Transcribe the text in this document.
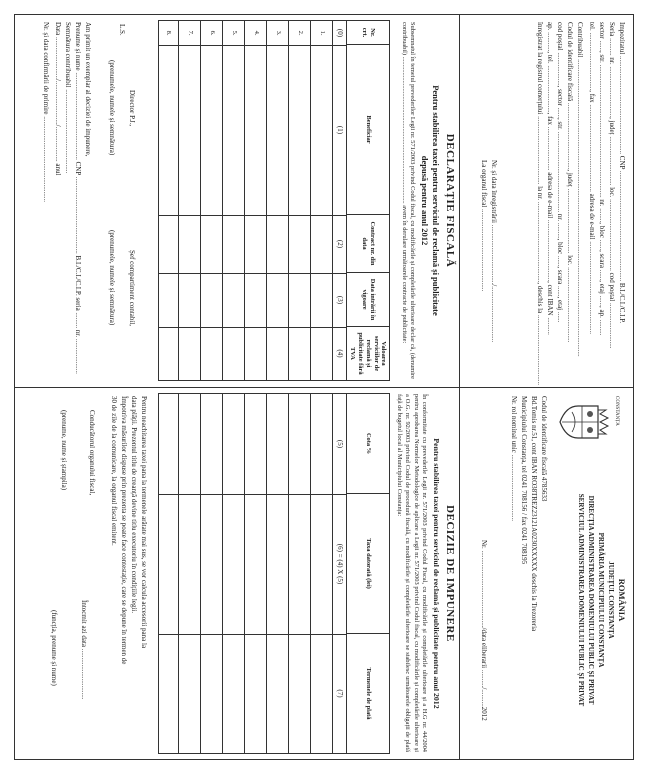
Impozitatul ........................................................ CNP ............................................................... B.I./C.I./C.I.P.
Seria .......... nr. ............................., județ ............................ loc. ......................................... cod poștal ..........................
sector ......, str. ............................................................................ nr. ........, bloc ......, scara ......, etaj ......, ap. .........
tel. ................................., fax .................................................. adresa de e-mail .....................................................
Contribuabil ..........................................................................................................................................................................
Codul de identificare fiscală ......................................, județ ..................................... loc. ...........................................
cod poștal ..................., sector ......, str. .............................................. nr. ........., bloc ......, scara ......, etaj ......
ap. ..........., tel. ..........................., fax ......................... adresa de e-mail ..................................., cont IBAN ..........
înregistrat la registrul comerțului ....................................... la nr. .............................................., deschis la ........................................
Nr. și data înregistrării ................................../................................
La organul fiscal ...............................................
DECLARAȚIE FISCALĂ
Pentru stabilirea taxei pentru serviciul de reclamă și publicitate
depusă pentru anul 2012
Subsemnatul în temeiul prevederilor Legii nr. 571/2003 privind Codul fiscal, cu modificările și completările ulterioare declar că, (denumire contribuabil) ............................................................................................ avem în derulare următoarele contracte de publicitate:
Nr. crt.
Beneficiar
Contract nr. din data
Data intrării în vigoare
Valoarea serviciilor de reclamă și publicitate fără TVA
(0)
(1)
(2)
(3)
(4)
1.
2.
3.
4.
5.
6.
7.
8.
Director P.J.,
(prenumele, numele și semnătura)
L.S.
Șef compartiment contabil,
(prenumele, numele și semnătura)
Am primit un exemplar al deciziei de impunere,
Prenume și nume .................................................. CNP ............................................ B.I./C.I./C.I.P. seria ......... nr. ....................
Semnătura contribuabil ................................................
Data ......................../........................./.................... anul
Nr. și data confirmării de primire .................................................
CONSTANȚA
ROMÂNIA
JUDEȚUL CONSTANȚA
PRIMĂRIA MUNICIPIULUI CONSTANȚA
DIRECȚIA ADMINISTRAREA DOMENIULUI PUBLIC ȘI PRIVAT
SERVICIUL ADMINISTRAREA DOMENIULUI PUBLIC ȘI PRIVAT
Codul de identificare fiscală 4785633
Bd.Tomis nr.51, cont IBAN RO38TREZ23121A0230XXXXX deschis la Trezoreria
Municipiului Constanța, tel 0241 708156 / fax 0241 708195
Nr. rol nominal unic ......................................
Nr. ............................................/data eliberarii ........../..........2012
DECIZIE DE IMPUNERE
Pentru stabilirea taxei pentru serviciul de reclamă și publicitate pentru anul 2012
În conformitate cu prevederile Legii nr. 571/2003 privind Codul Fiscal, cu modificările și completările ulterioare și a H.G nr. 44/2004 pentru aprobarea Normelor Metodologice de aplicare a Legii nr. 571/2003 privind Codul fiscal, cu modificările și completările ulterioare și a O.G. nr. 92/2003 privind Codul de procedură fiscală, cu modificările și completările ulterioare se stabilesc următoarele obligații de plată față de bugetul local al Municipiului Constanța:
Cota %
Taxa datorată (lei)
Termenele de plată
(5)
(6) = (4) X (5)
(7)
Pentru neachitarea taxei pana la termenele arătate mai sus, se vor calcula accesorii pana la
data plății. Prezentul titlu de creanță devine titlu executoriu în condițiile legii.
Împotriva măsurilor dispuse prin prezenta se poate face contestație, care se depune în termen de
30 de zile de la comunicare, la organul fiscal emitent.
Conducătorul organului fiscal,
(prenume, nume și ștampila)
Întocmit azi data .............................
(funcția, prenume și nume)
